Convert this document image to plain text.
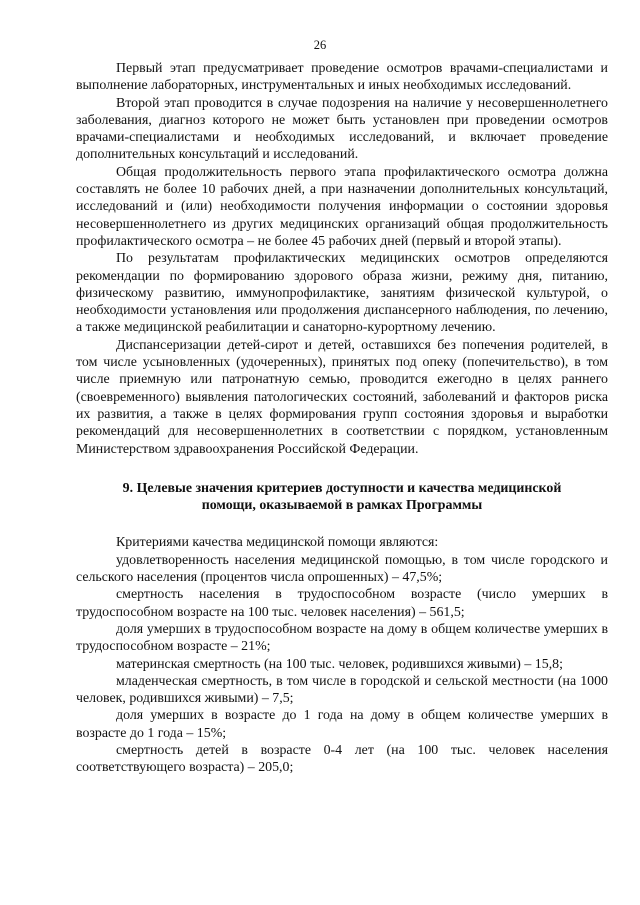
26

Первый этап предусматривает проведение осмотров врачами-специалистами и выполнение лабораторных, инструментальных и иных необходимых исследований.

Второй этап проводится в случае подозрения на наличие у несовершеннолетнего заболевания, диагноз которого не может быть установлен при проведении осмотров врачами-специалистами и необходимых исследований, и включает проведение дополнительных консультаций и исследований.

Общая продолжительность первого этапа профилактического осмотра должна составлять не более 10 рабочих дней, а при назначении дополнительных консультаций, исследований и (или) необходимости получения информации о состоянии здоровья несовершеннолетнего из других медицинских организаций общая продолжительность профилактического осмотра – не более 45 рабочих дней (первый и второй этапы).

По результатам профилактических медицинских осмотров определяются рекомендации по формированию здорового образа жизни, режиму дня, питанию, физическому развитию, иммунопрофилактике, занятиям физической культурой, о необходимости установления или продолжения диспансерного наблюдения, по лечению, а также медицинской реабилитации и санаторно-курортному лечению.

Диспансеризации детей-сирот и детей, оставшихся без попечения родителей, в том числе усыновленных (удочеренных), принятых под опеку (попечительство), в том числе приемную или патронатную семью, проводится ежегодно в целях раннего (своевременного) выявления патологических состояний, заболеваний и факторов риска их развития, а также в целях формирования групп состояния здоровья и выработки рекомендаций для несовершеннолетних в соответствии с порядком, установленным Министерством здравоохранения Российской Федерации.

9. Целевые значения критериев доступности и качества медицинской
помощи, оказываемой в рамках Программы

Критериями качества медицинской помощи являются:

удовлетворенность населения медицинской помощью, в том числе городского и сельского населения (процентов числа опрошенных) – 47,5%;

смертность населения в трудоспособном возрасте (число умерших в трудоспособном возрасте на 100 тыс. человек населения) – 561,5;

доля умерших в трудоспособном возрасте на дому в общем количестве умерших в трудоспособном возрасте – 21%;

материнская смертность (на 100 тыс. человек, родившихся живыми) – 15,8;

младенческая смертность, в том числе в городской и сельской местности (на 1000 человек, родившихся живыми) – 7,5;

доля умерших в возрасте до 1 года на дому в общем количестве умерших в возрасте до 1 года – 15%;

смертность детей в возрасте 0-4 лет (на 100 тыс. человек населения соответствующего возраста) – 205,0;
